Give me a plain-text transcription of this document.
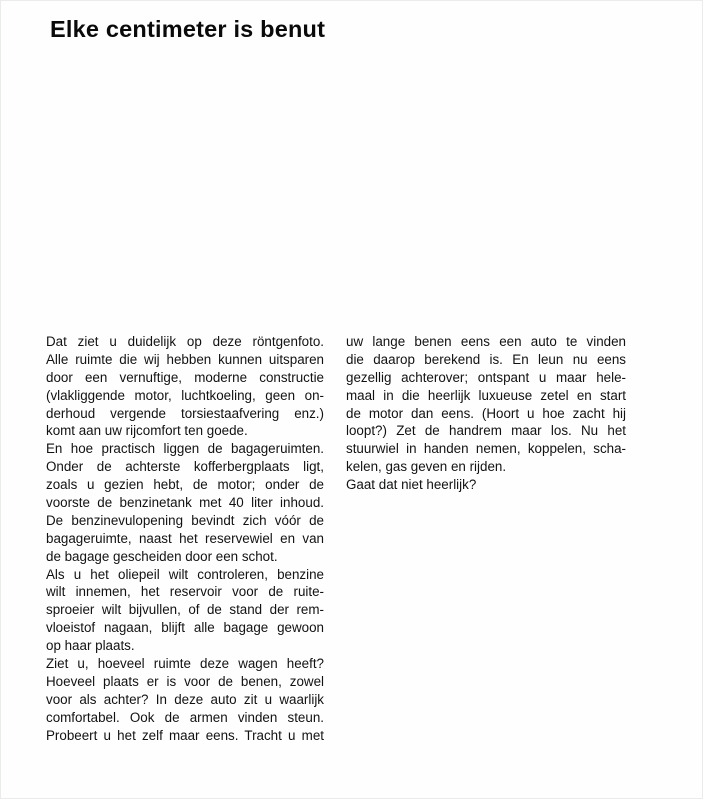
Elke centimeter is benut
Dat ziet u duidelijk op deze röntgenfoto.
Alle ruimte die wij hebben kunnen uitsparen
door een vernuftige, moderne constructie
(vlakliggende motor, luchtkoeling, geen on-
derhoud vergende torsiestaafvering enz.)
komt aan uw rijcomfort ten goede.
En hoe practisch liggen de bagageruimten.
Onder de achterste kofferbergplaats ligt,
zoals u gezien hebt, de motor; onder de
voorste de benzinetank met 40 liter inhoud.
De benzinevulopening bevindt zich vóór de
bagageruimte, naast het reservewiel en van
de bagage gescheiden door een schot.
Als u het oliepeil wilt controleren, benzine
wilt innemen, het reservoir voor de ruite-
sproeier wilt bijvullen, of de stand der rem-
vloeistof nagaan, blijft alle bagage gewoon
op haar plaats.
Ziet u, hoeveel ruimte deze wagen heeft?
Hoeveel plaats er is voor de benen, zowel
voor als achter? In deze auto zit u waarlijk
comfortabel. Ook de armen vinden steun.
Probeert u het zelf maar eens. Tracht u met
uw lange benen eens een auto te vinden
die daarop berekend is. En leun nu eens
gezellig achterover; ontspant u maar hele-
maal in die heerlijk luxueuse zetel en start
de motor dan eens. (Hoort u hoe zacht hij
loopt?) Zet de handrem maar los. Nu het
stuurwiel in handen nemen, koppelen, scha-
kelen, gas geven en rijden.
Gaat dat niet heerlijk?
